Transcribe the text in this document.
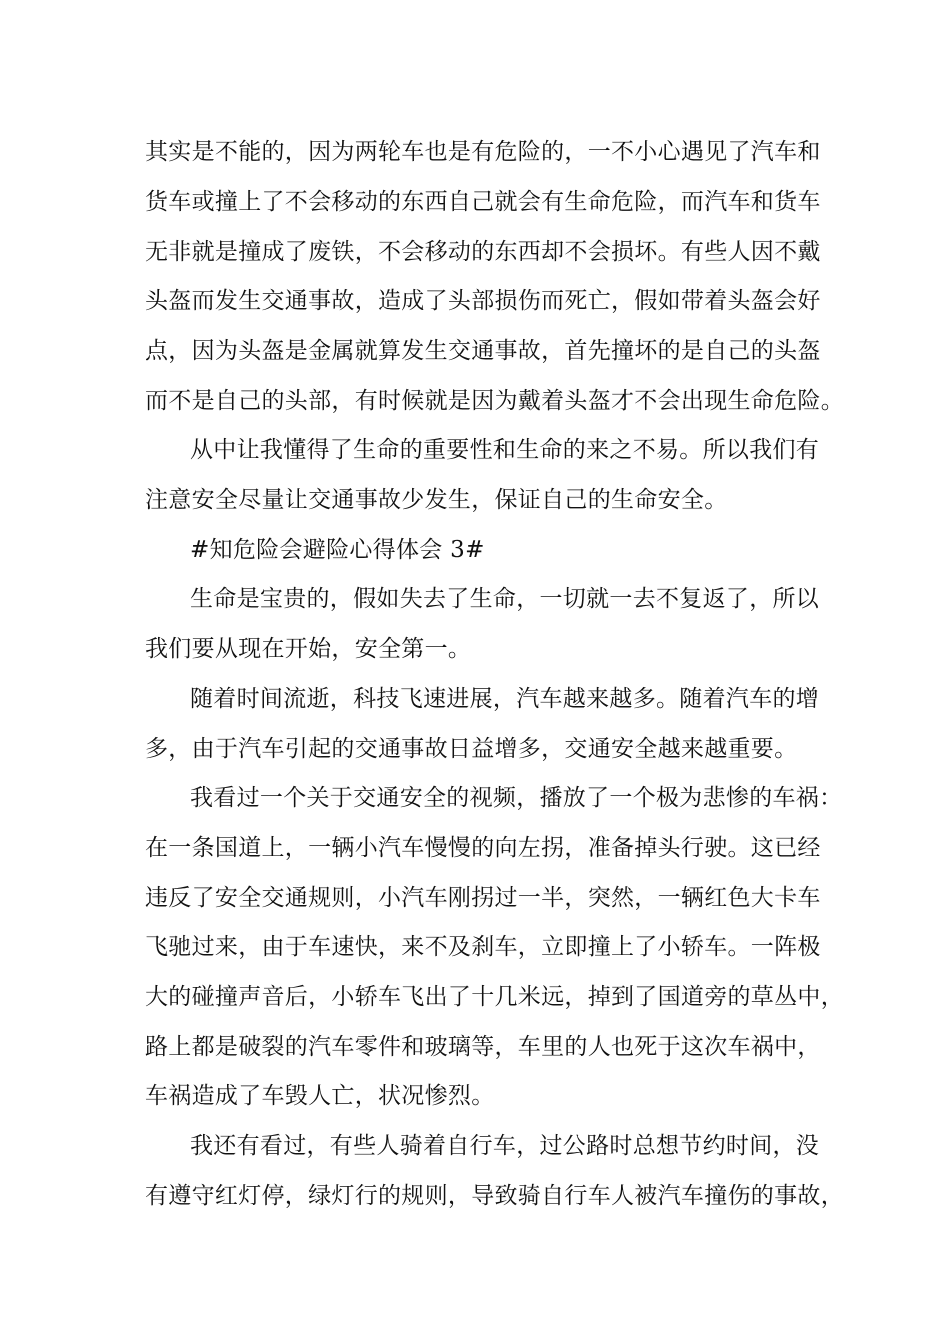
其实是不能的，因为两轮车也是有危险的，一不小心遇见了汽车和
货车或撞上了不会移动的东西自己就会有生命危险，而汽车和货车
无非就是撞成了废铁，不会移动的东西却不会损坏。有些人因不戴
头盔而发生交通事故，造成了头部损伤而死亡，假如带着头盔会好
点，因为头盔是金属就算发生交通事故，首先撞坏的是自己的头盔
而不是自己的头部，有时候就是因为戴着头盔才不会出现生命危险。
从中让我懂得了生命的重要性和生命的来之不易。所以我们有
注意安全尽量让交通事故少发生，保证自己的生命安全。
#知危险会避险心得体会 3#
生命是宝贵的，假如失去了生命，一切就一去不复返了，所以
我们要从现在开始，安全第一。
随着时间流逝，科技飞速进展，汽车越来越多。随着汽车的增
多，由于汽车引起的交通事故日益增多，交通安全越来越重要。
我看过一个关于交通安全的视频，播放了一个极为悲惨的车祸：
在一条国道上，一辆小汽车慢慢的向左拐，准备掉头行驶。这已经
违反了安全交通规则，小汽车刚拐过一半，突然，一辆红色大卡车
飞驰过来，由于车速快，来不及刹车，立即撞上了小轿车。一阵极
大的碰撞声音后，小轿车飞出了十几米远，掉到了国道旁的草丛中，
路上都是破裂的汽车零件和玻璃等，车里的人也死于这次车祸中，
车祸造成了车毁人亡，状况惨烈。
我还有看过，有些人骑着自行车，过公路时总想节约时间，没
有遵守红灯停，绿灯行的规则，导致骑自行车人被汽车撞伤的事故，
